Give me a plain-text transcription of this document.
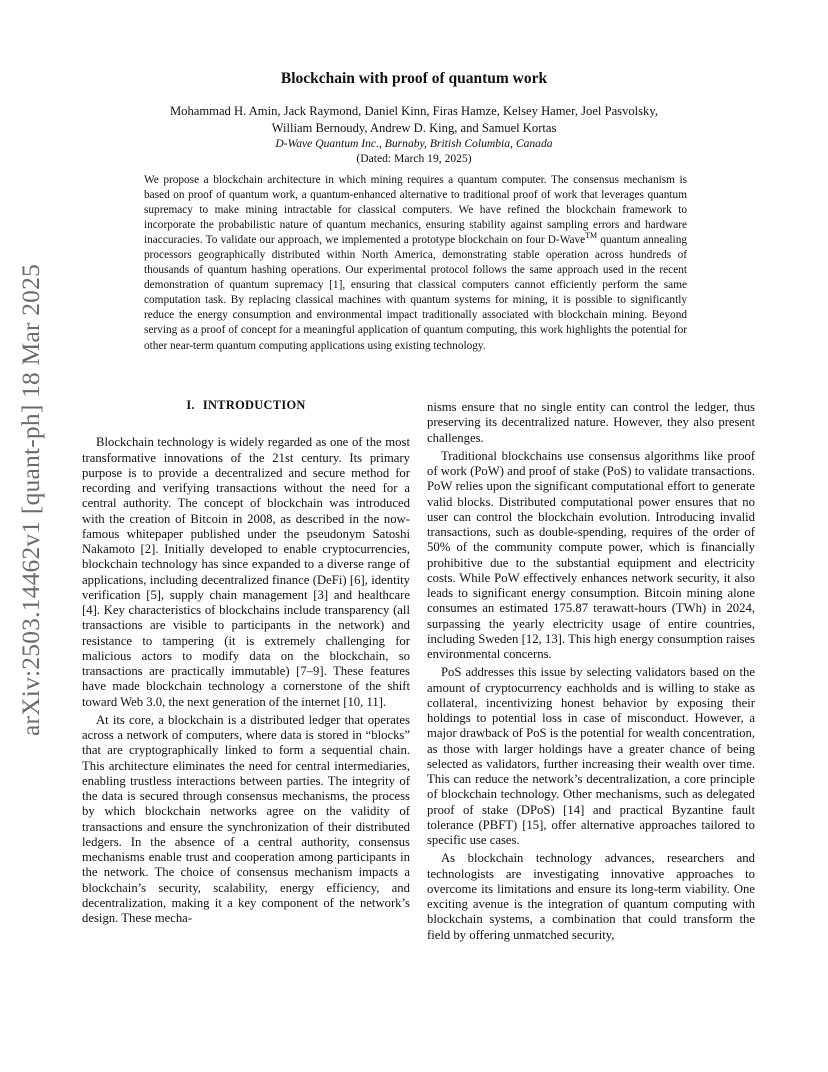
arXiv:2503.14462v1 [quant-ph] 18 Mar 2025
Blockchain with proof of quantum work
Mohammad H. Amin, Jack Raymond, Daniel Kinn, Firas Hamze, Kelsey Hamer, Joel Pasvolsky, William Bernoudy, Andrew D. King, and Samuel Kortas
D-Wave Quantum Inc., Burnaby, British Columbia, Canada
(Dated: March 19, 2025)
We propose a blockchain architecture in which mining requires a quantum computer. The consensus mechanism is based on proof of quantum work, a quantum-enhanced alternative to traditional proof of work that leverages quantum supremacy to make mining intractable for classical computers. We have refined the blockchain framework to incorporate the probabilistic nature of quantum mechanics, ensuring stability against sampling errors and hardware inaccuracies. To validate our approach, we implemented a prototype blockchain on four D-Wave™ quantum annealing processors geographically distributed within North America, demonstrating stable operation across hundreds of thousands of quantum hashing operations. Our experimental protocol follows the same approach used in the recent demonstration of quantum supremacy [1], ensuring that classical computers cannot efficiently perform the same computation task. By replacing classical machines with quantum systems for mining, it is possible to significantly reduce the energy consumption and environmental impact traditionally associated with blockchain mining. Beyond serving as a proof of concept for a meaningful application of quantum computing, this work highlights the potential for other near-term quantum computing applications using existing technology.
I. INTRODUCTION

Blockchain technology is widely regarded as one of the most transformative innovations of the 21st century. Its primary purpose is to provide a decentralized and secure method for recording and verifying transactions without the need for a central authority. The concept of blockchain was introduced with the creation of Bitcoin in 2008, as described in the now-famous whitepaper published under the pseudonym Satoshi Nakamoto [2]. Initially developed to enable cryptocurrencies, blockchain technology has since expanded to a diverse range of applications, including decentralized finance (DeFi) [6], identity verification [5], supply chain management [3] and healthcare [4]. Key characteristics of blockchains include transparency (all transactions are visible to participants in the network) and resistance to tampering (it is extremely challenging for malicious actors to modify data on the blockchain, so transactions are practically immutable) [7–9]. These features have made blockchain technology a cornerstone of the shift toward Web 3.0, the next generation of the internet [10, 11].

At its core, a blockchain is a distributed ledger that operates across a network of computers, where data is stored in “blocks” that are cryptographically linked to form a sequential chain. This architecture eliminates the need for central intermediaries, enabling trustless interactions between parties. The integrity of the data is secured through consensus mechanisms, the process by which blockchain networks agree on the validity of transactions and ensure the synchronization of their distributed ledgers. In the absence of a central authority, consensus mechanisms enable trust and cooperation among participants in the network. The choice of consensus mechanism impacts a blockchain’s security, scalability, energy efficiency, and decentralization, making it a key component of the network’s design. These mecha-

nisms ensure that no single entity can control the ledger, thus preserving its decentralized nature. However, they also present challenges.

Traditional blockchains use consensus algorithms like proof of work (PoW) and proof of stake (PoS) to validate transactions. PoW relies upon the significant computational effort to generate valid blocks. Distributed computational power ensures that no user can control the blockchain evolution. Introducing invalid transactions, such as double-spending, requires of the order of 50% of the community compute power, which is financially prohibitive due to the substantial equipment and electricity costs. While PoW effectively enhances network security, it also leads to significant energy consumption. Bitcoin mining alone consumes an estimated 175.87 terawatt-hours (TWh) in 2024, surpassing the yearly electricity usage of entire countries, including Sweden [12, 13]. This high energy consumption raises environmental concerns.

PoS addresses this issue by selecting validators based on the amount of cryptocurrency eachholds and is willing to stake as collateral, incentivizing honest behavior by exposing their holdings to potential loss in case of misconduct. However, a major drawback of PoS is the potential for wealth concentration, as those with larger holdings have a greater chance of being selected as validators, further increasing their wealth over time. This can reduce the network’s decentralization, a core principle of blockchain technology. Other mechanisms, such as delegated proof of stake (DPoS) [14] and practical Byzantine fault tolerance (PBFT) [15], offer alternative approaches tailored to specific use cases.

As blockchain technology advances, researchers and technologists are investigating innovative approaches to overcome its limitations and ensure its long-term viability. One exciting avenue is the integration of quantum computing with blockchain systems, a combination that could transform the field by offering unmatched security,
